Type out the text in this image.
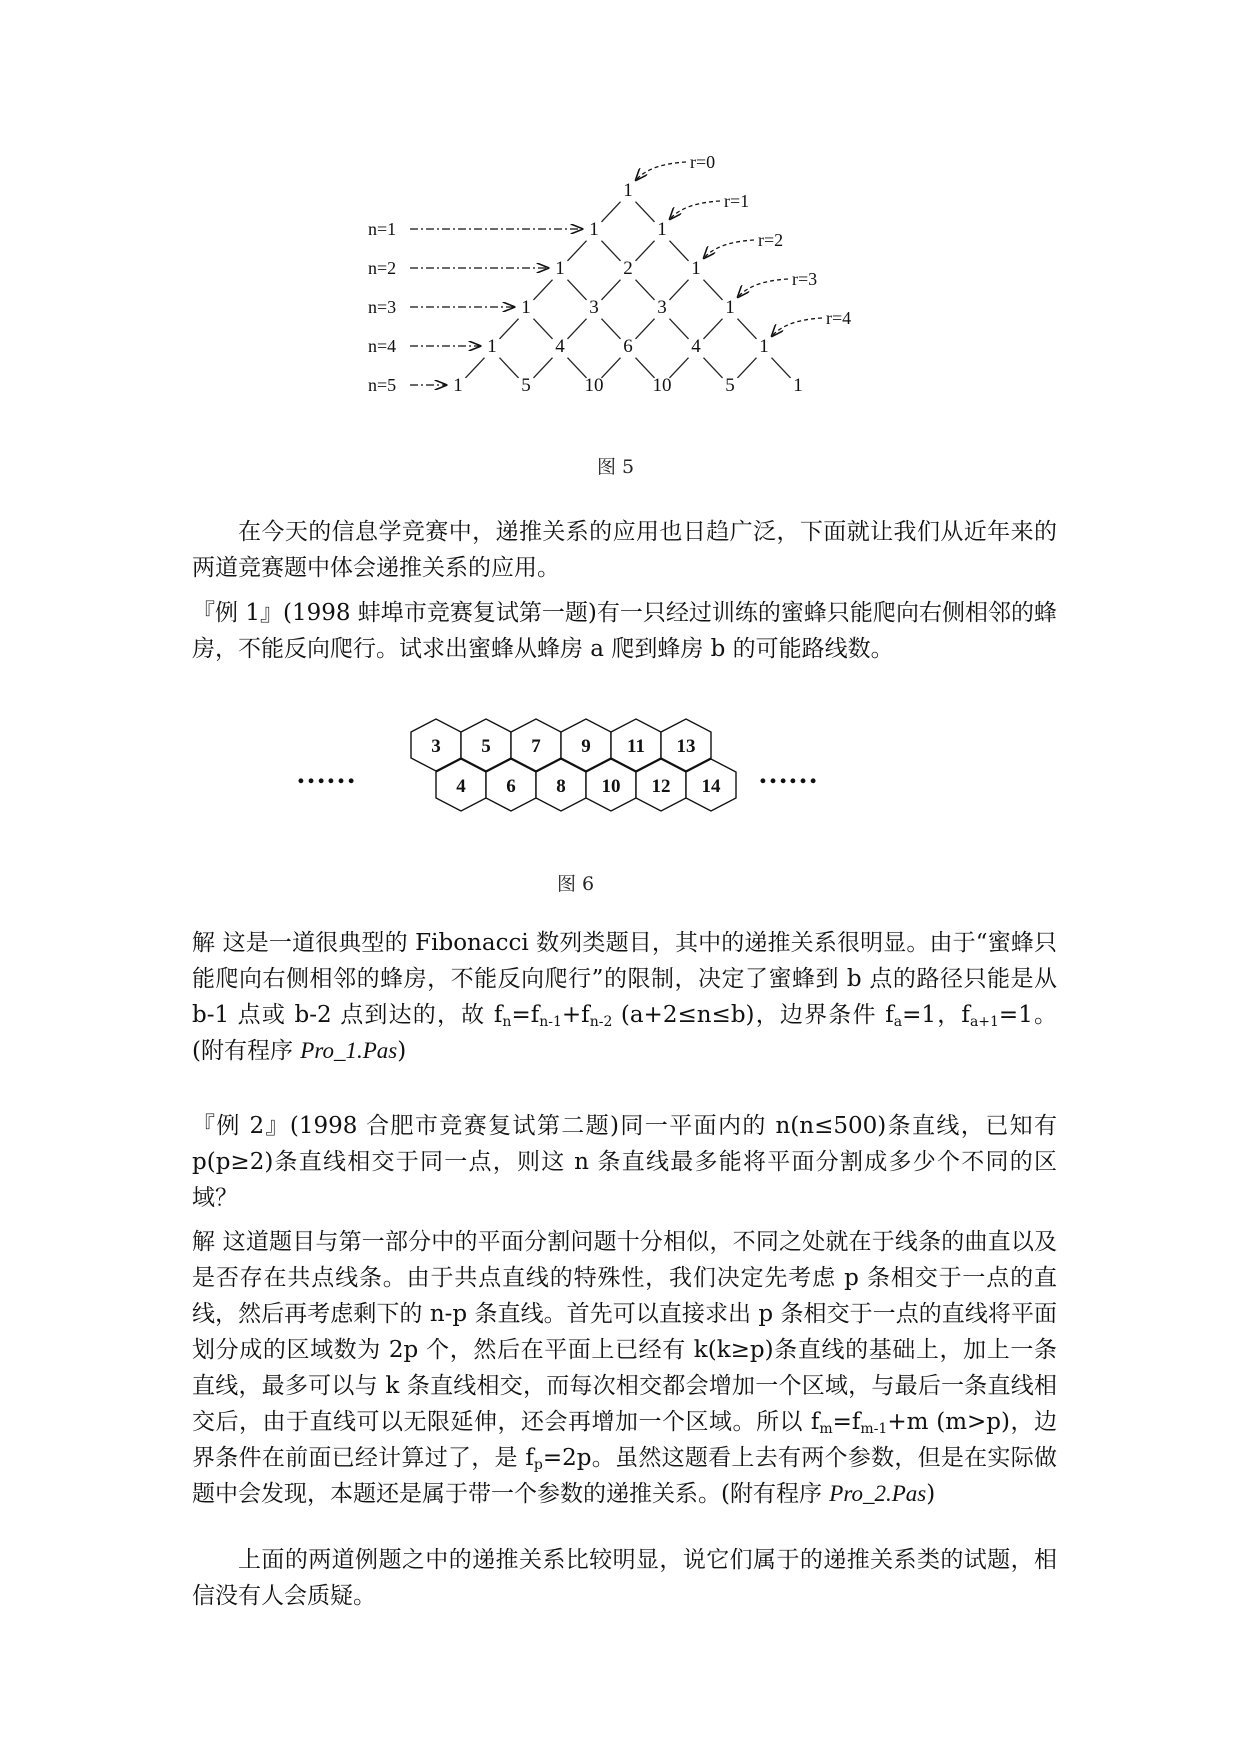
1
1	1
1	2	1
1	3	3	1
1	4	6	4	1
1	5	10	10	5	1
n=1
n=2
n=3
n=4
n=5
r=0
r=1
r=2
r=3
r=4
图 5

在今天的信息学竞赛中，递推关系的应用也日趋广泛，下面就让我们从近年来的两道竞赛题中体会递推关系的应用。

『例 1』(1998 蚌埠市竞赛复试第一题)有一只经过训练的蜜蜂只能爬向右侧相邻的蜂房，不能反向爬行。试求出蜜蜂从蜂房 a 爬到蜂房 b 的可能路线数。

3 5 7 9 11 13
4 6 8 10 12 14
……	……
图 6

解 这是一道很典型的 Fibonacci 数列类题目，其中的递推关系很明显。由于“蜜蜂只能爬向右侧相邻的蜂房，不能反向爬行”的限制，决定了蜜蜂到 b 点的路径只能是从 b-1 点或 b-2 点到达的，故 $f_n=f_{n-1}+f_{n-2}$ (a+2≤n≤b)，边界条件 $f_a=1$，$f_{a+1}=1$。(附有程序 Pro_1.Pas)

『例 2』(1998 合肥市竞赛复试第二题)同一平面内的 n(n≤500)条直线，已知有 p(p≥2)条直线相交于同一点，则这 n 条直线最多能将平面分割成多少个不同的区域？

解 这道题目与第一部分中的平面分割问题十分相似，不同之处就在于线条的曲直以及是否存在共点线条。由于共点直线的特殊性，我们决定先考虑 p 条相交于一点的直线，然后再考虑剩下的 n-p 条直线。首先可以直接求出 p 条相交于一点的直线将平面划分成的区域数为 2p 个，然后在平面上已经有 k(k≥p)条直线的基础上，加上一条直线，最多可以与 k 条直线相交，而每次相交都会增加一个区域，与最后一条直线相交后，由于直线可以无限延伸，还会再增加一个区域。所以 $f_m=f_{m-1}+m$ (m>p)，边界条件在前面已经计算过了，是 $f_p=2p$。虽然这题看上去有两个参数，但是在实际做题中会发现，本题还是属于带一个参数的递推关系。(附有程序 Pro_2.Pas)

上面的两道例题之中的递推关系比较明显，说它们属于的递推关系类的试题，相信没有人会质疑。
